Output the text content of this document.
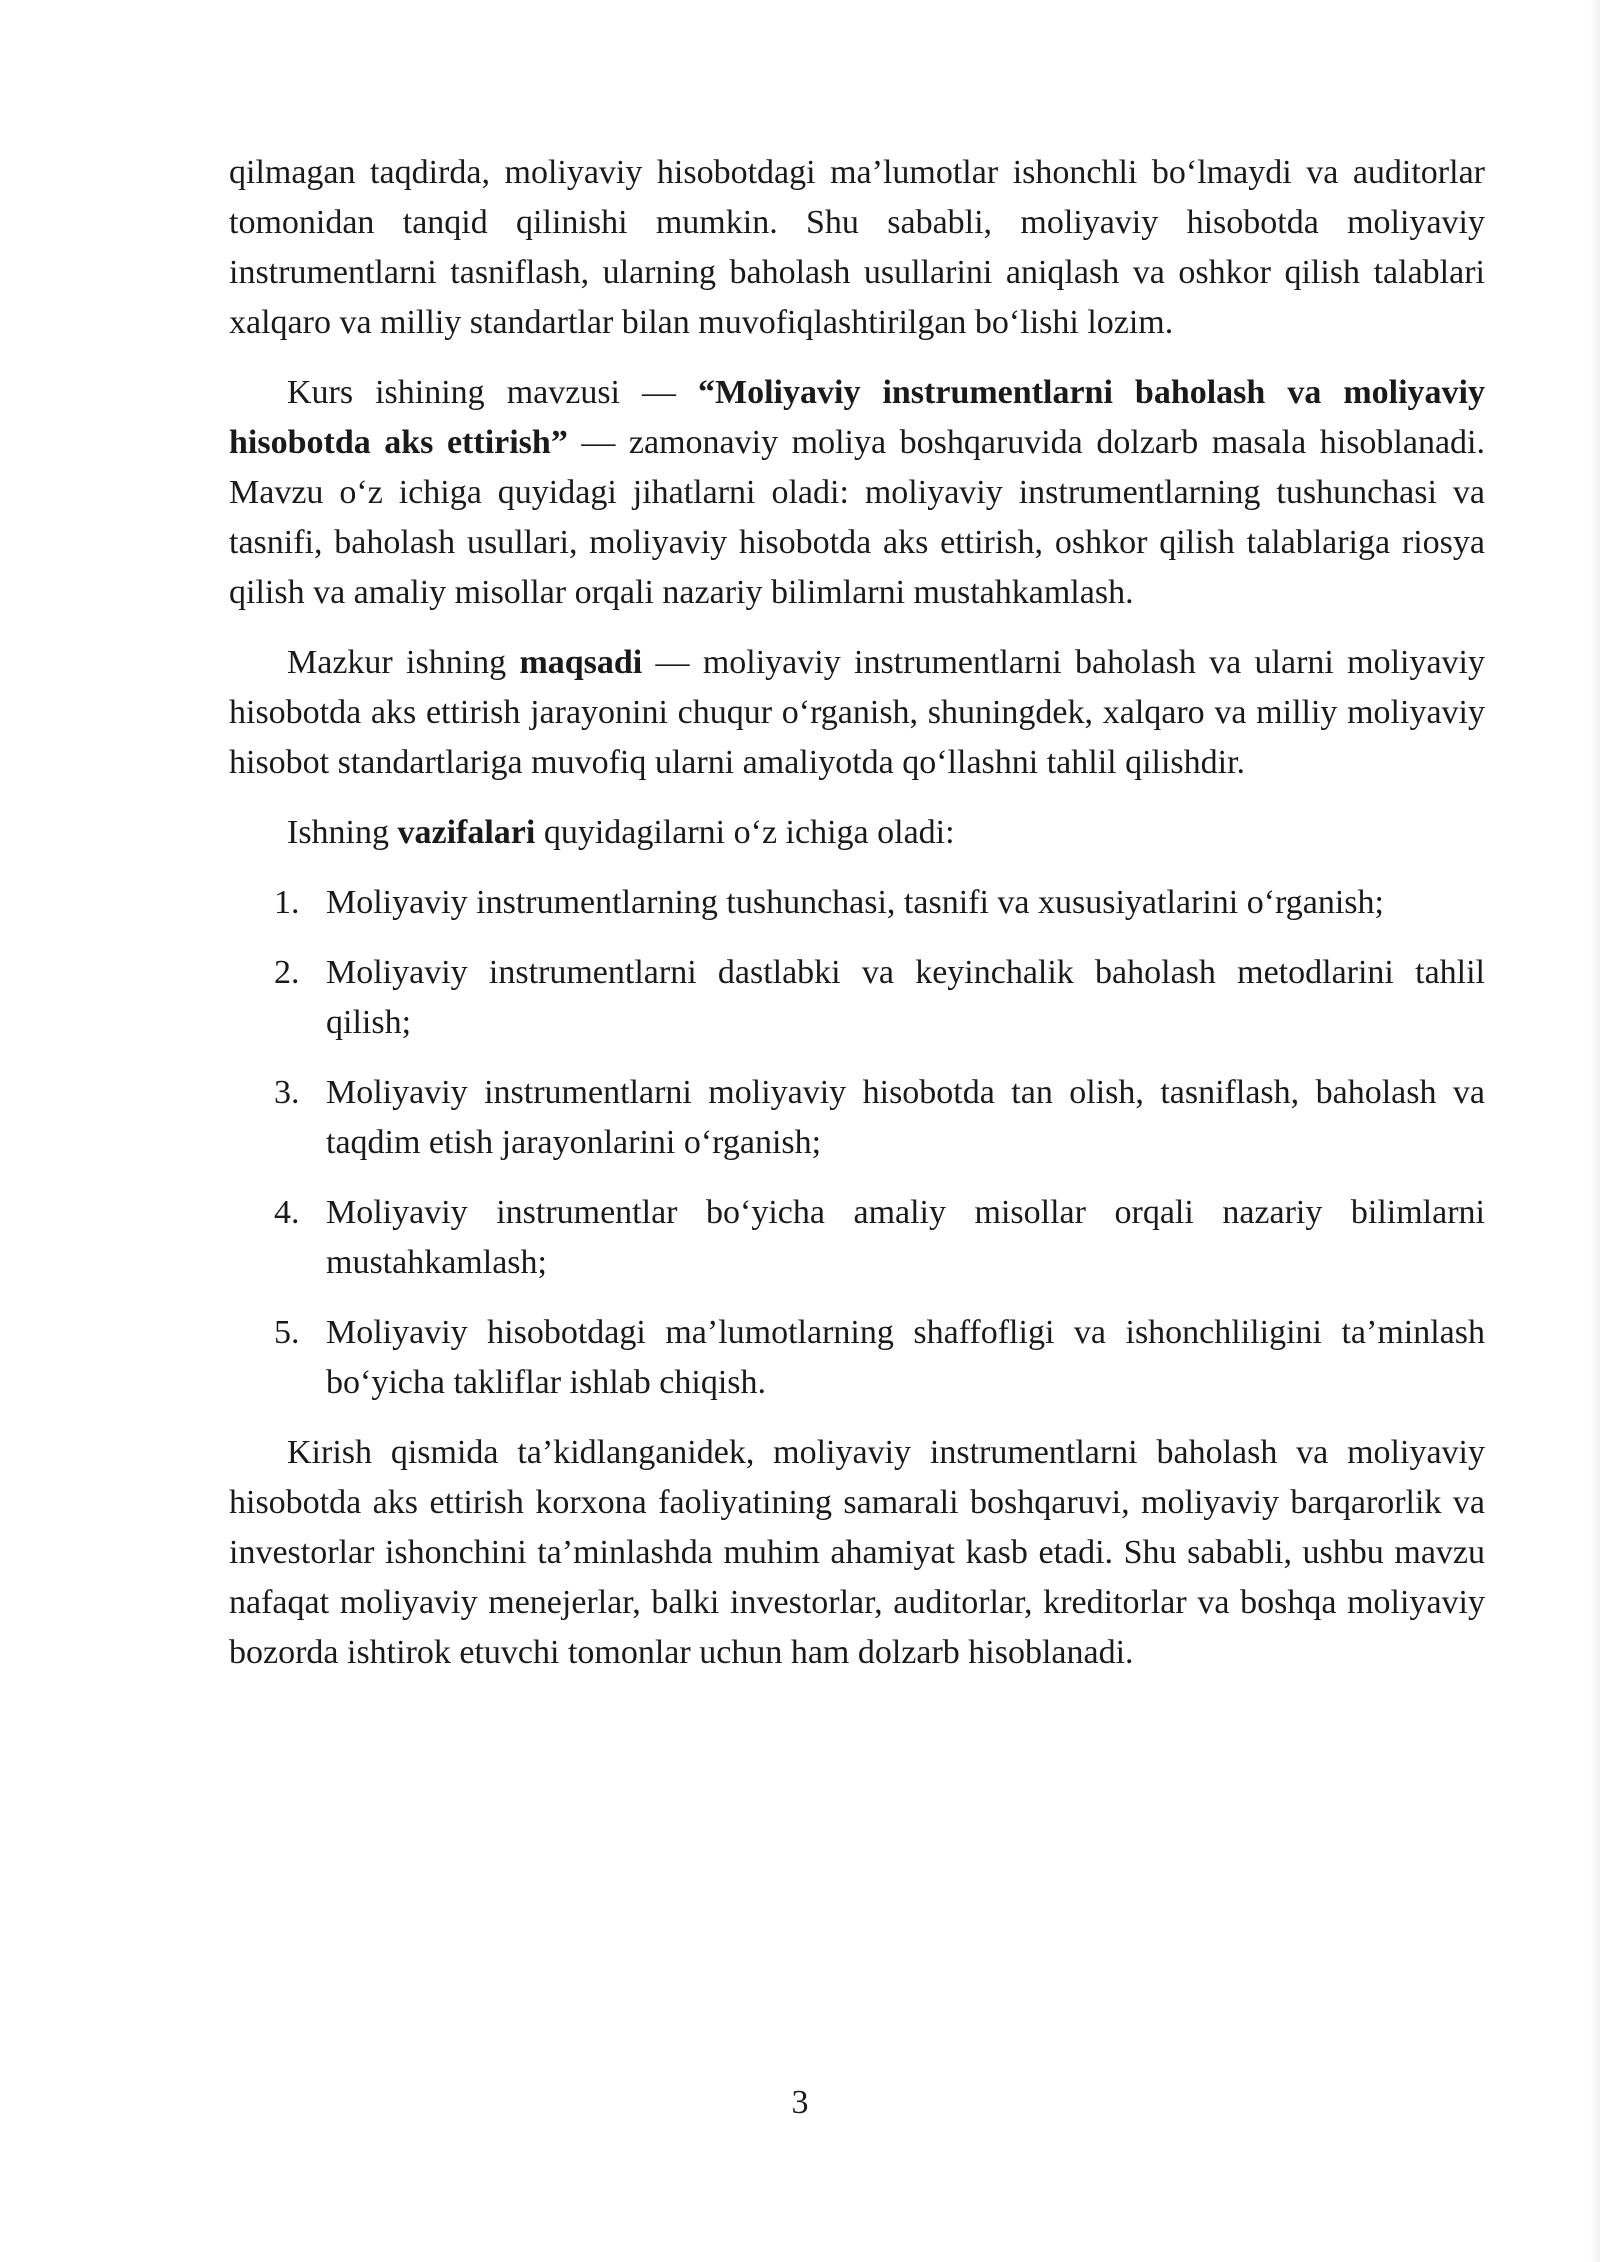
qilmagan taqdirda, moliyaviy hisobotdagi ma’lumotlar ishonchli bo‘lmaydi va auditorlar tomonidan tanqid qilinishi mumkin. Shu sababli, moliyaviy hisobotda moliyaviy instrumentlarni tasniflash, ularning baholash usullarini aniqlash va oshkor qilish talablari xalqaro va milliy standartlar bilan muvofiqlashtirilgan bo‘lishi lozim.

Kurs ishining mavzusi — “Moliyaviy instrumentlarni baholash va moliyaviy hisobotda aks ettirish” — zamonaviy moliya boshqaruvida dolzarb masala hisoblanadi. Mavzu o‘z ichiga quyidagi jihatlarni oladi: moliyaviy instrumentlarning tushunchasi va tasnifi, baholash usullari, moliyaviy hisobotda aks ettirish, oshkor qilish talablariga riosya qilish va amaliy misollar orqali nazariy bilimlarni mustahkamlash.

Mazkur ishning maqsadi — moliyaviy instrumentlarni baholash va ularni moliyaviy hisobotda aks ettirish jarayonini chuqur o‘rganish, shuningdek, xalqaro va milliy moliyaviy hisobot standartlariga muvofiq ularni amaliyotda qo‘llashni tahlil qilishdir.

Ishning vazifalari quyidagilarni o‘z ichiga oladi:

1. Moliyaviy instrumentlarning tushunchasi, tasnifi va xususiyatlarini o‘rganish;
2. Moliyaviy instrumentlarni dastlabki va keyinchalik baholash metodlarini tahlil qilish;
3. Moliyaviy instrumentlarni moliyaviy hisobotda tan olish, tasniflash, baholash va taqdim etish jarayonlarini o‘rganish;
4. Moliyaviy instrumentlar bo‘yicha amaliy misollar orqali nazariy bilimlarni mustahkamlash;
5. Moliyaviy hisobotdagi ma’lumotlarning shaffofligi va ishonchliligini ta’minlash bo‘yicha takliflar ishlab chiqish.

Kirish qismida ta’kidlanganidek, moliyaviy instrumentlarni baholash va moliyaviy hisobotda aks ettirish korxona faoliyatining samarali boshqaruvi, moliyaviy barqarorlik va investorlar ishonchini ta’minlashda muhim ahamiyat kasb etadi. Shu sababli, ushbu mavzu nafaqat moliyaviy menejerlar, balki investorlar, auditorlar, kreditorlar va boshqa moliyaviy bozorda ishtirok etuvchi tomonlar uchun ham dolzarb hisoblanadi.

3
